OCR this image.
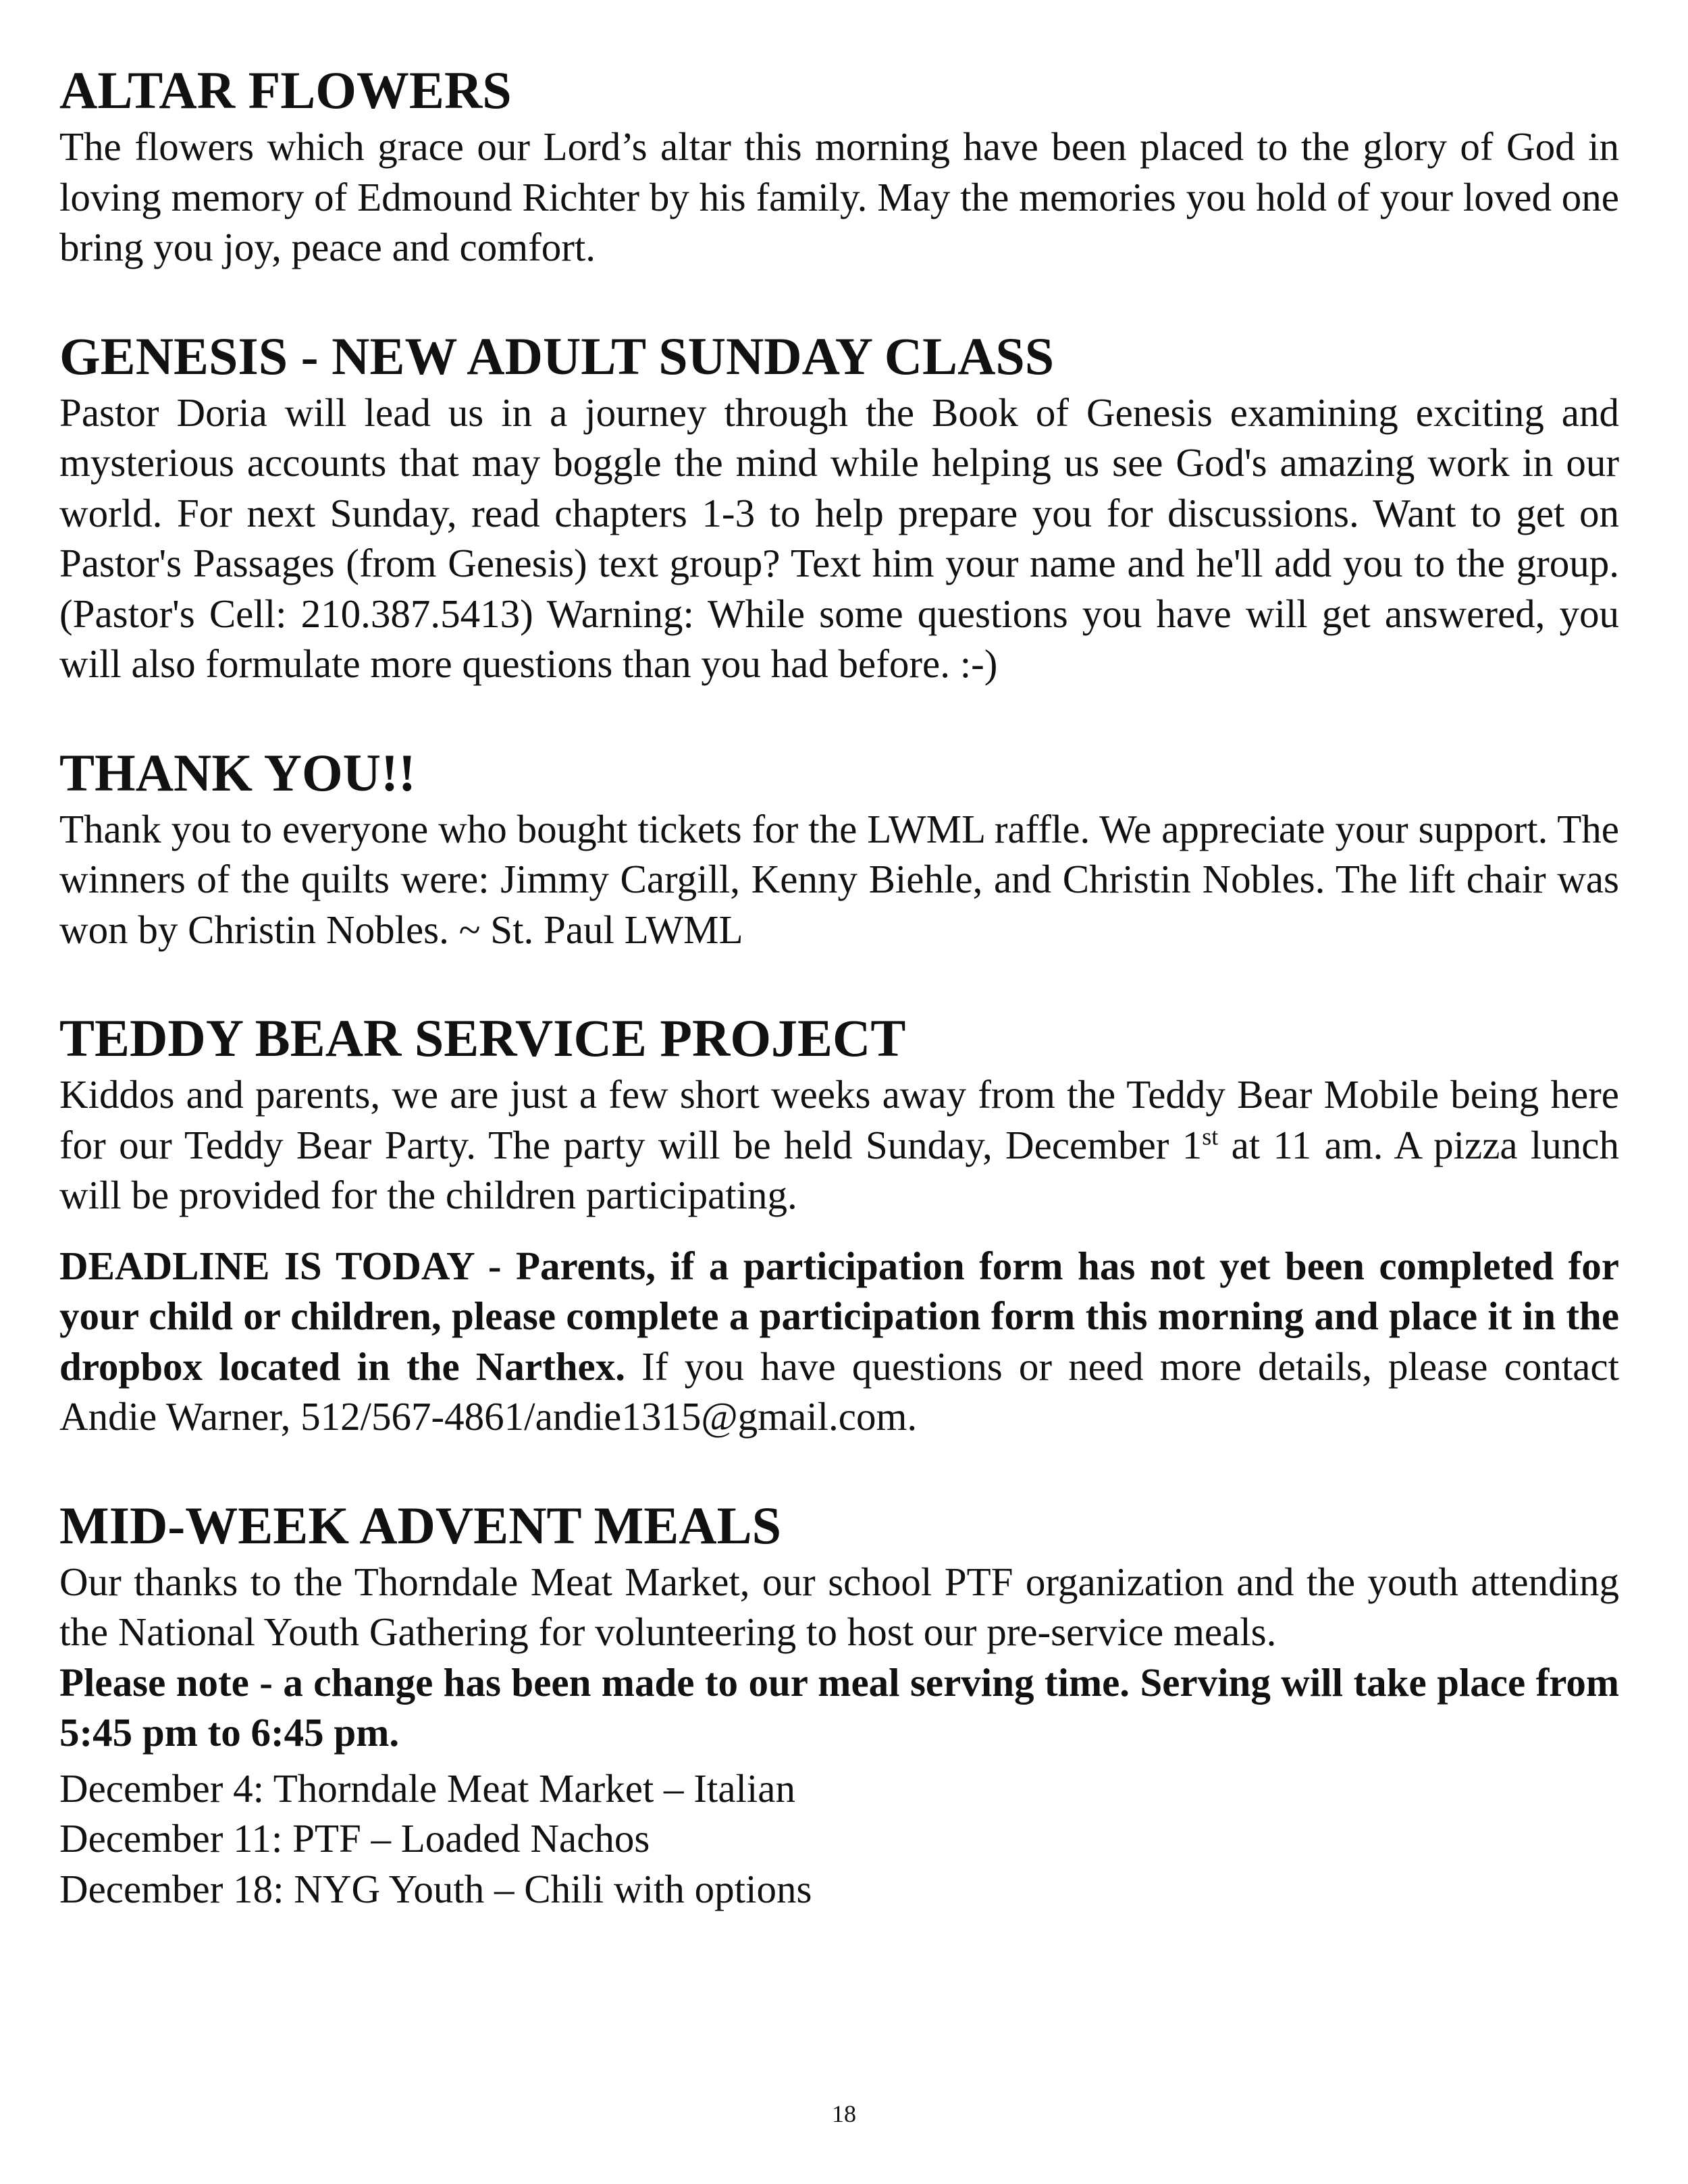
ALTAR FLOWERS

The flowers which grace our Lord’s altar this morning have been placed to the glory of God in loving memory of Edmound Richter by his family. May the memories you hold of your loved one bring you joy, peace and comfort.

GENESIS - NEW ADULT SUNDAY CLASS

Pastor Doria will lead us in a journey through the Book of Genesis examining exciting and mysterious accounts that may boggle the mind while helping us see God's amazing work in our world. For next Sunday, read chapters 1-3 to help prepare you for discussions. Want to get on Pastor's Passages (from Genesis) text group? Text him your name and he'll add you to the group. (Pastor's Cell: 210.387.5413) Warning: While some questions you have will get answered, you will also formulate more questions than you had before. :-)

THANK YOU!!

Thank you to everyone who bought tickets for the LWML raffle. We appreciate your support. The winners of the quilts were: Jimmy Cargill, Kenny Biehle, and Christin Nobles. The lift chair was won by Christin Nobles. ~ St. Paul LWML

TEDDY BEAR SERVICE PROJECT

Kiddos and parents, we are just a few short weeks away from the Teddy Bear Mobile being here for our Teddy Bear Party. The party will be held Sunday, December 1st at 11 am. A pizza lunch will be provided for the children participating.

DEADLINE IS TODAY - Parents, if a participation form has not yet been completed for your child or children, please complete a participation form this morning and place it in the dropbox located in the Narthex. If you have questions or need more details, please contact Andie Warner, 512/567-4861/andie1315@gmail.com.

MID-WEEK ADVENT MEALS

Our thanks to the Thorndale Meat Market, our school PTF organization and the youth attending the National Youth Gathering for volunteering to host our pre-service meals.

Please note - a change has been made to our meal serving time. Serving will take place from 5:45 pm to 6:45 pm.

December 4: Thorndale Meat Market – Italian

December 11: PTF – Loaded Nachos

December 18: NYG Youth – Chili with options

18
